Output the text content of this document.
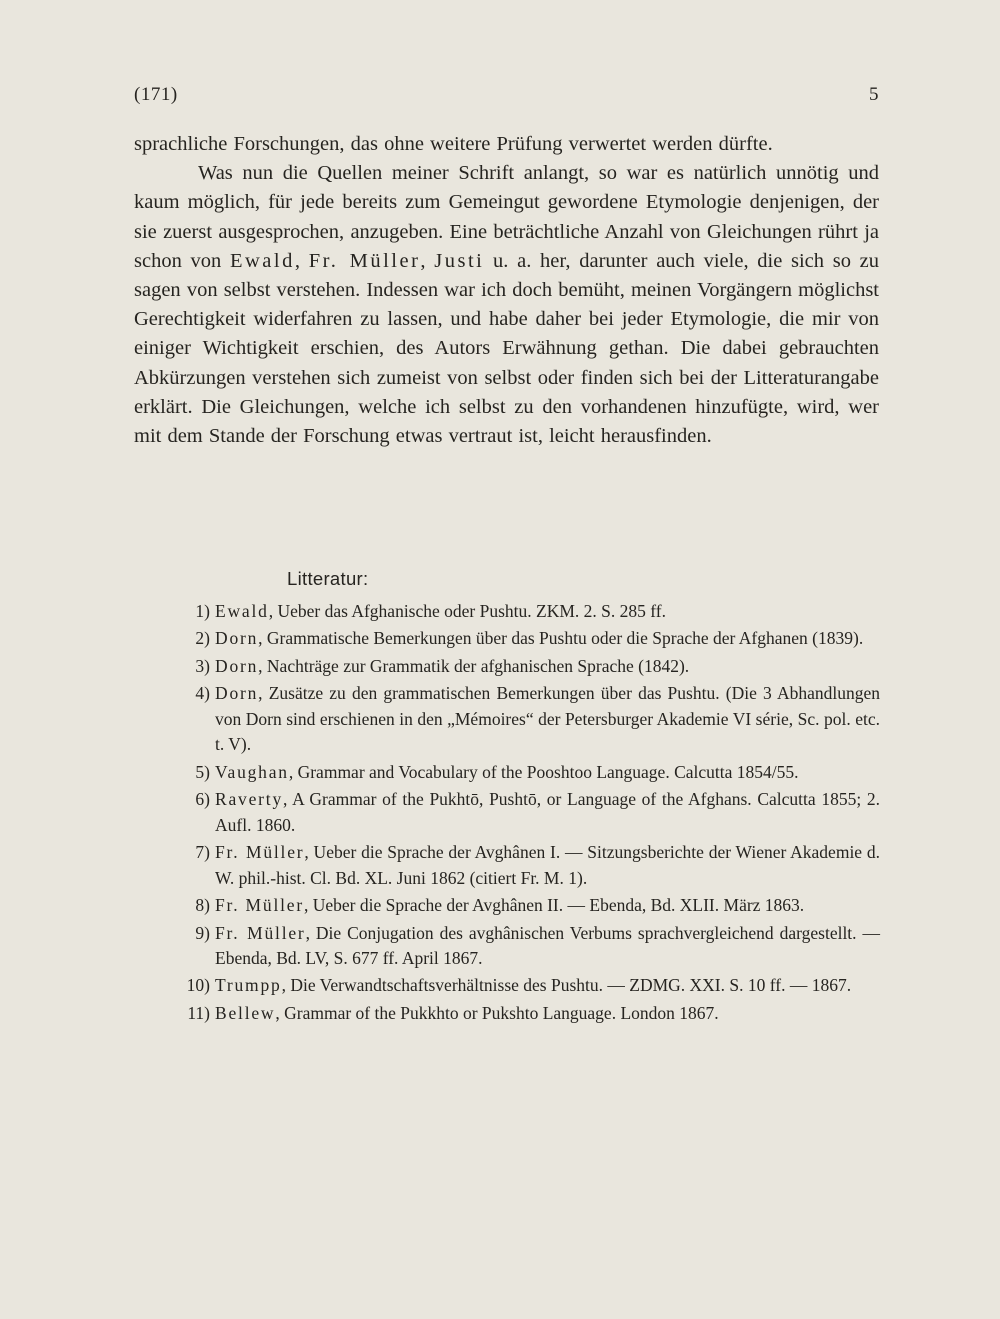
(171)	5

sprachliche Forschungen, das ohne weitere Prüfung verwertet werden dürfte.

Was nun die Quellen meiner Schrift anlangt, so war es natürlich unnötig und kaum möglich, für jede bereits zum Gemeingut gewordene Etymologie denjenigen, der sie zuerst ausgesprochen, anzugeben. Eine beträchtliche Anzahl von Gleichungen rührt ja schon von Ewald, Fr. Müller, Justi u. a. her, darunter auch viele, die sich so zu sagen von selbst verstehen. Indessen war ich doch bemüht, meinen Vorgängern möglichst Gerechtigkeit widerfahren zu lassen, und habe daher bei jeder Etymologie, die mir von einiger Wichtigkeit erschien, des Autors Erwähnung gethan. Die dabei gebrauchten Abkürzungen verstehen sich zumeist von selbst oder finden sich bei der Litteraturangabe erklärt. Die Gleichungen, welche ich selbst zu den vorhandenen hinzufügte, wird, wer mit dem Stande der Forschung etwas vertraut ist, leicht herausfinden.

Litteratur:
1) Ewald, Ueber das Afghanische oder Pushtu. ZKM. 2. S. 285 ff.
2) Dorn, Grammatische Bemerkungen über das Pushtu oder die Sprache der Afghanen (1839).
3) Dorn, Nachträge zur Grammatik der afghanischen Sprache (1842).
4) Dorn, Zusätze zu den grammatischen Bemerkungen über das Pushtu. (Die 3 Abhandlungen von Dorn sind erschienen in den „Mémoires“ der Petersburger Akademie VI série, Sc. pol. etc. t. V).
5) Vaughan, Grammar and Vocabulary of the Pooshtoo Language. Calcutta 1854/55.
6) Raverty, A Grammar of the Pukhtō, Pushtō, or Language of the Afghans. Calcutta 1855; 2. Aufl. 1860.
7) Fr. Müller, Ueber die Sprache der Avghânen I. — Sitzungsberichte der Wiener Akademie d. W. phil.-hist. Cl. Bd. XL. Juni 1862 (citiert Fr. M. 1).
8) Fr. Müller, Ueber die Sprache der Avghânen II. — Ebenda, Bd. XLII. März 1863.
9) Fr. Müller, Die Conjugation des avghânischen Verbums sprachvergleichend dargestellt. — Ebenda, Bd. LV, S. 677 ff. April 1867.
10) Trumpp, Die Verwandtschaftsverhältnisse des Pushtu. — ZDMG. XXI. S. 10 ff. — 1867.
11) Bellew, Grammar of the Pukkhto or Pukshto Language. London 1867.
